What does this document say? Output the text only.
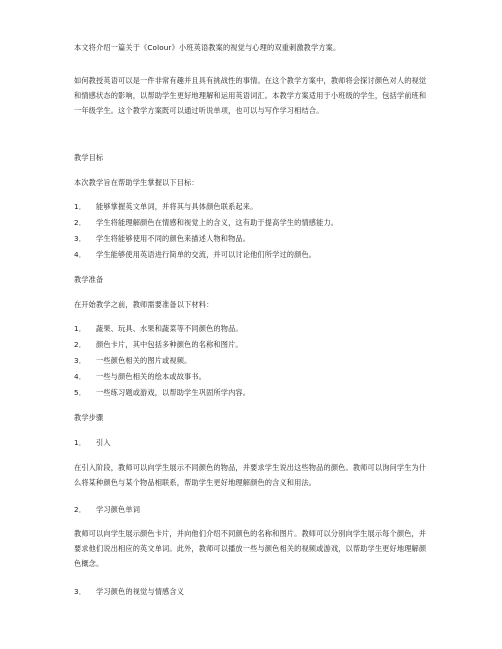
本文将介绍一篇关于《Colour》小班英语教案的视觉与心理的双重刺激教学方案。
如何教授英语可以是一件非常有趣并且具有挑战性的事情。在这个教学方案中，教师将会探讨颜色对人的视觉和情感状态的影响，以帮助学生更好地理解和运用英语词汇。本教学方案适用于小班级的学生，包括学前班和一年级学生。这个教学方案既可以通过听说单项，也可以与写作学习相结合。
教学目标
本次教学旨在帮助学生掌握以下目标：
1． 能够掌握英文单词，并将其与具体颜色联系起来。
2． 学生将能理解颜色在情感和视觉上的含义，这有助于提高学生的情感能力。
3． 学生将能够使用不同的颜色来描述人物和物品。
4． 学生能够使用英语进行简单的交流，并可以讨论他们所学过的颜色。
教学准备
在开始教学之前，教师需要准备以下材料：
1． 蔬果、玩具、水果和蔬菜等不同颜色的物品。
2． 颜色卡片，其中包括多种颜色的名称和图片。
3． 一些颜色相关的图片或视频。
4． 一些与颜色相关的绘本或故事书。
5． 一些练习题或游戏，以帮助学生巩固所学内容。
教学步骤
1． 引入
在引入阶段，教师可以向学生展示不同颜色的物品，并要求学生说出这些物品的颜色。教师可以询问学生为什么将某种颜色与某个物品相联系，帮助学生更好地理解颜色的含义和用法。
2． 学习颜色单词
教师可以向学生展示颜色卡片，并向他们介绍不同颜色的名称和图片。教师可以分别向学生展示每个颜色，并要求他们说出相应的英文单词。此外，教师可以播放一些与颜色相关的视频或游戏，以帮助学生更好地理解颜色概念。
3． 学习颜色的视觉与情感含义
